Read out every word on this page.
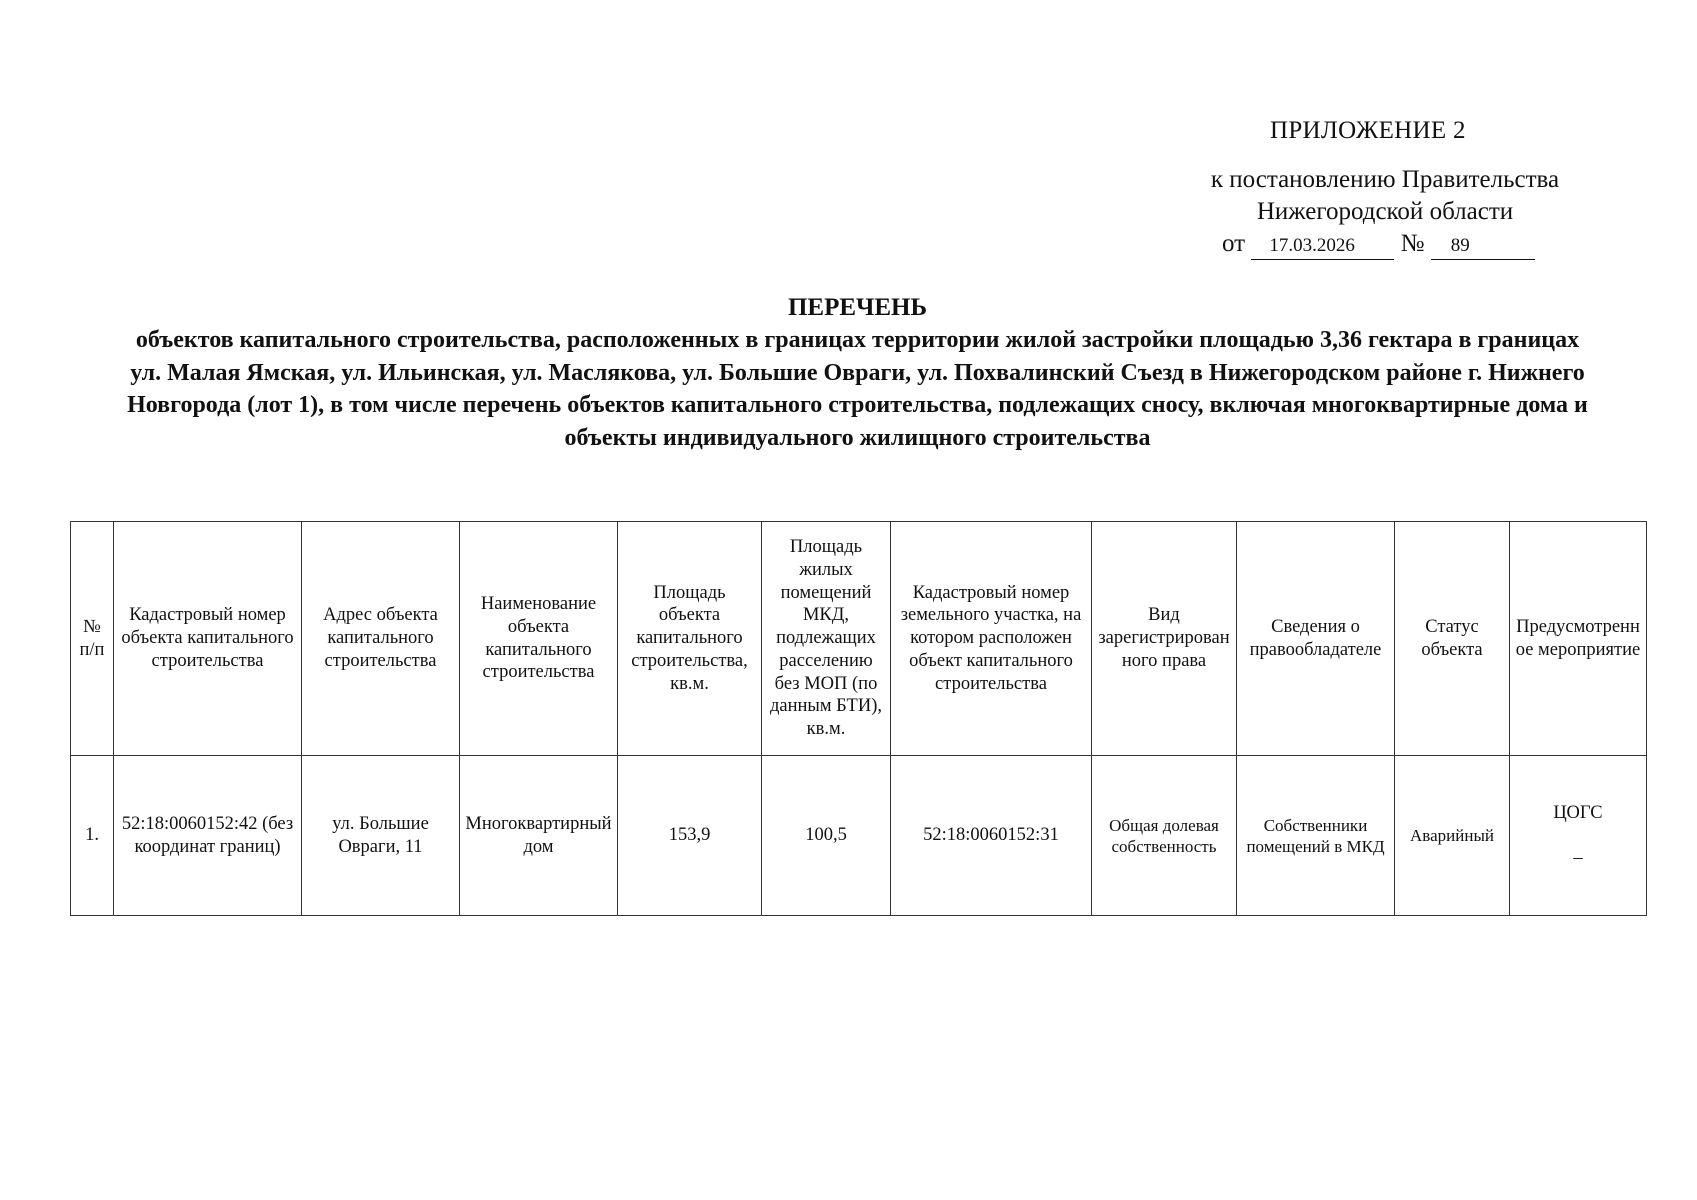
ПРИЛОЖЕНИЕ 2
к постановлению Правительства
Нижегородской области
от 17.03.2026 № 89
ПЕРЕЧЕНЬ
объектов капитального строительства, расположенных в границах территории жилой застройки площадью 3,36 гектара в границах ул. Малая Ямская, ул. Ильинская, ул. Маслякова, ул. Большие Овраги, ул. Похвалинский Съезд в Нижегородском районе г. Нижнего Новгорода (лот 1), в том числе перечень объектов капитального строительства, подлежащих сносу, включая многоквартирные дома и объекты индивидуального жилищного строительства
№ п/п	Кадастровый номер объекта капитального строительства	Адрес объекта капитального строительства	Наименование объекта капитального строительства	Площадь объекта капитального строительства, кв.м.	Площадь жилых помещений МКД, подлежащих расселению без МОП (по данным БТИ), кв.м.	Кадастровый номер земельного участка, на котором расположен объект капитального строительства	Вид зарегистрированного права	Сведения о правообладателе	Статус объекта	Предусмотренное мероприятие
1.	52:18:0060152:42 (без координат границ)	ул. Большие Овраги, 11	Многоквартирный дом	153,9	100,5	52:18:0060152:31	Общая долевая собственность	Собственники помещений в МКД	Аварийный	ЦОГС
–
